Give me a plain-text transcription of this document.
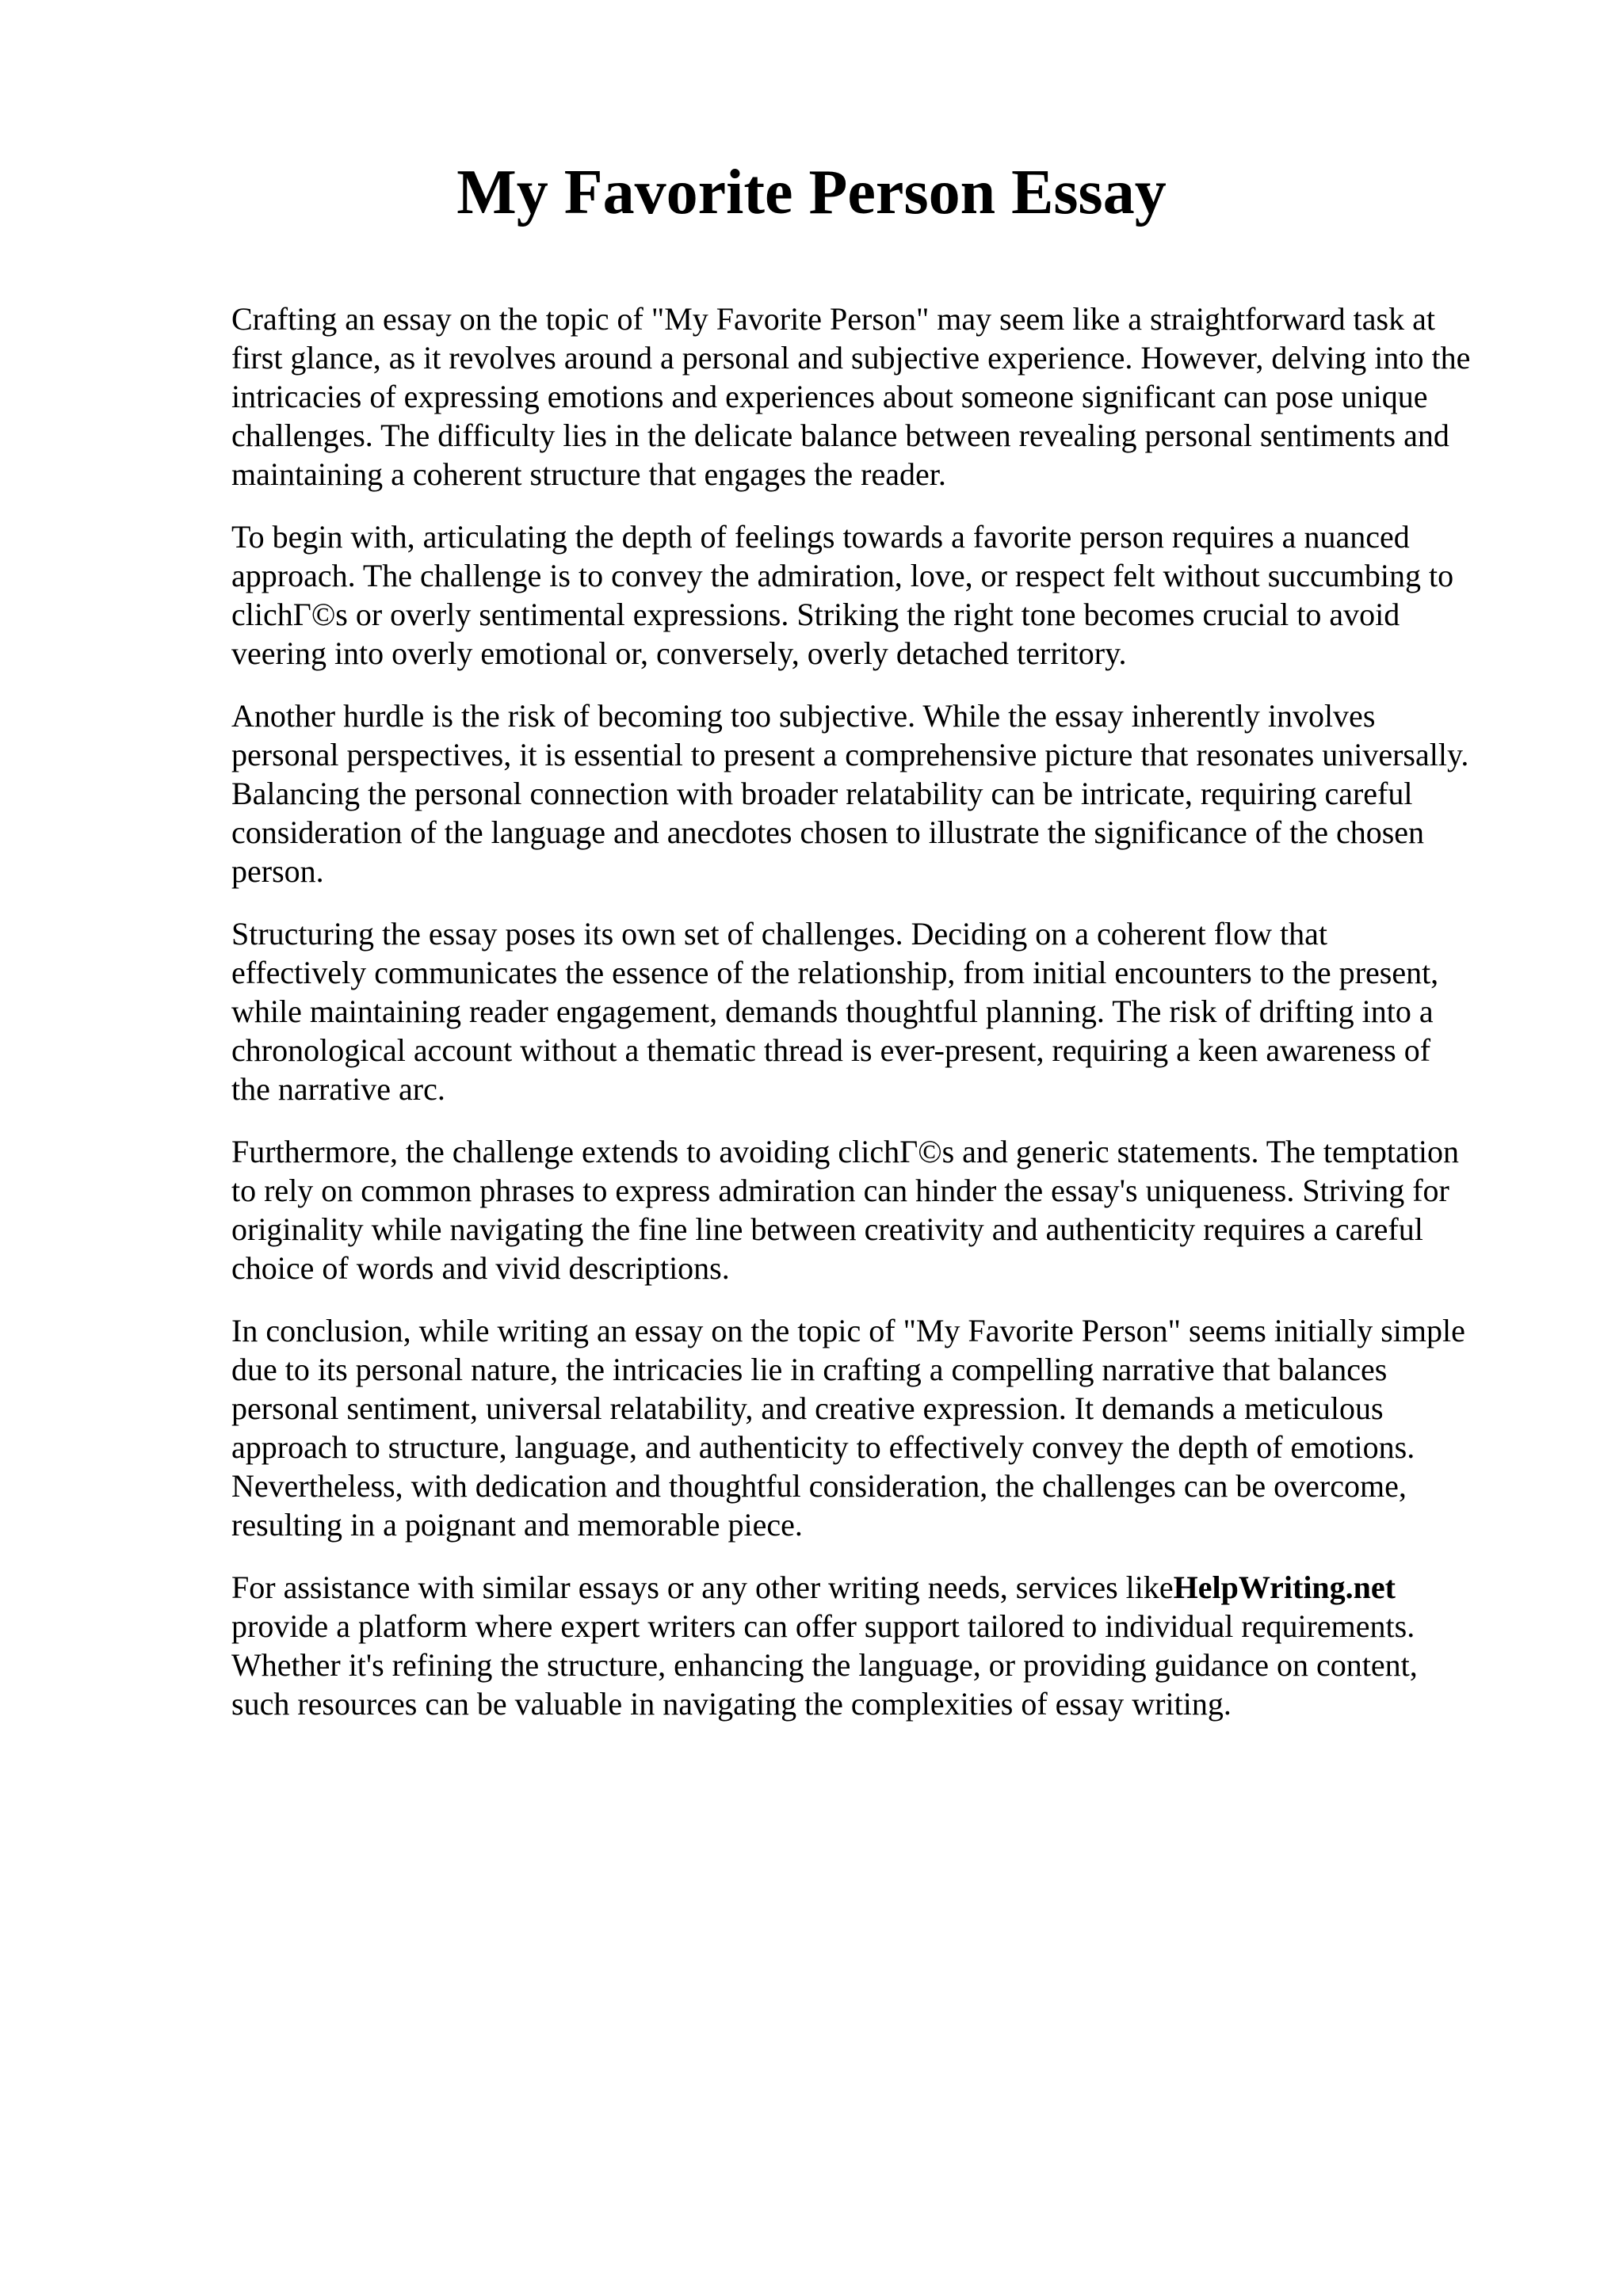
My Favorite Person Essay

Crafting an essay on the topic of "My Favorite Person" may seem like a straightforward task at
first glance, as it revolves around a personal and subjective experience. However, delving into the
intricacies of expressing emotions and experiences about someone significant can pose unique
challenges. The difficulty lies in the delicate balance between revealing personal sentiments and
maintaining a coherent structure that engages the reader.

To begin with, articulating the depth of feelings towards a favorite person requires a nuanced
approach. The challenge is to convey the admiration, love, or respect felt without succumbing to
clichΓ©s or overly sentimental expressions. Striking the right tone becomes crucial to avoid
veering into overly emotional or, conversely, overly detached territory.

Another hurdle is the risk of becoming too subjective. While the essay inherently involves
personal perspectives, it is essential to present a comprehensive picture that resonates universally.
Balancing the personal connection with broader relatability can be intricate, requiring careful
consideration of the language and anecdotes chosen to illustrate the significance of the chosen
person.

Structuring the essay poses its own set of challenges. Deciding on a coherent flow that
effectively communicates the essence of the relationship, from initial encounters to the present,
while maintaining reader engagement, demands thoughtful planning. The risk of drifting into a
chronological account without a thematic thread is ever-present, requiring a keen awareness of
the narrative arc.

Furthermore, the challenge extends to avoiding clichΓ©s and generic statements. The temptation
to rely on common phrases to express admiration can hinder the essay's uniqueness. Striving for
originality while navigating the fine line between creativity and authenticity requires a careful
choice of words and vivid descriptions.

In conclusion, while writing an essay on the topic of "My Favorite Person" seems initially simple
due to its personal nature, the intricacies lie in crafting a compelling narrative that balances
personal sentiment, universal relatability, and creative expression. It demands a meticulous
approach to structure, language, and authenticity to effectively convey the depth of emotions.
Nevertheless, with dedication and thoughtful consideration, the challenges can be overcome,
resulting in a poignant and memorable piece.

For assistance with similar essays or any other writing needs, services likeHelpWriting.net
provide a platform where expert writers can offer support tailored to individual requirements.
Whether it's refining the structure, enhancing the language, or providing guidance on content,
such resources can be valuable in navigating the complexities of essay writing.
